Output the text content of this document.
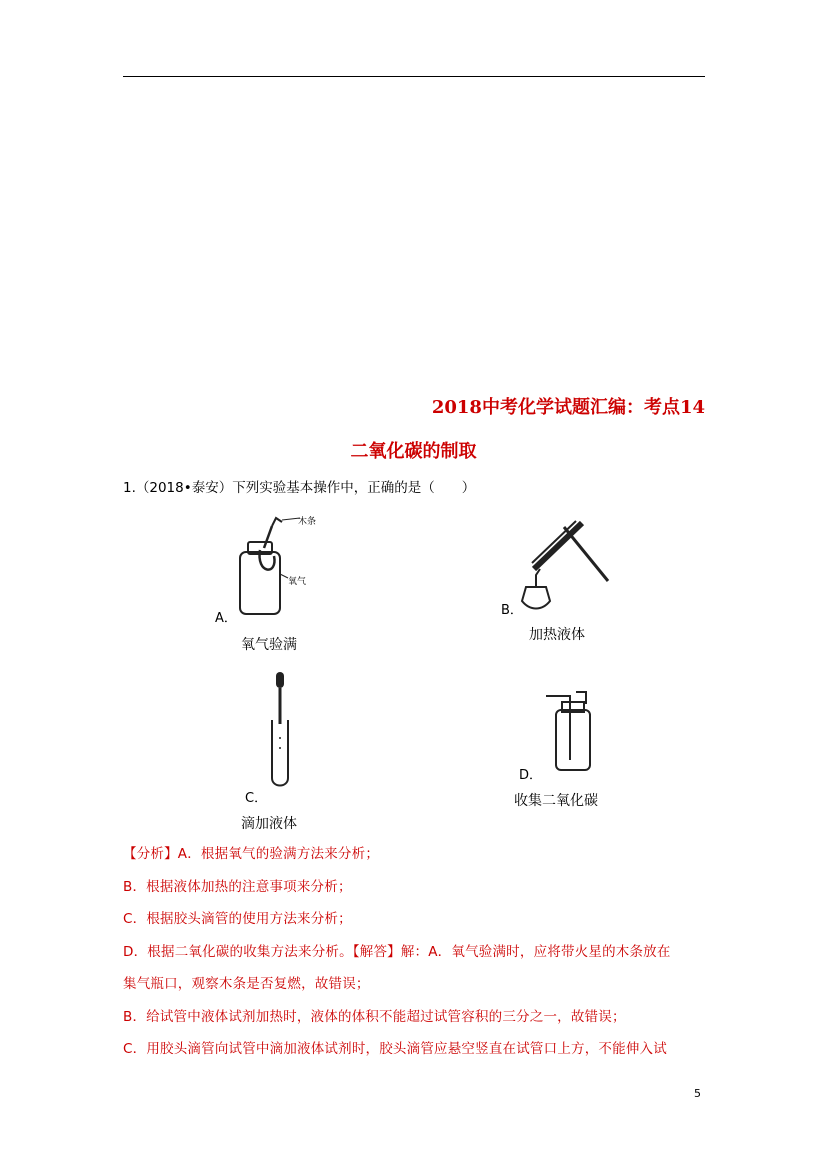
2018中考化学试题汇编：考点14
二氧化碳的制取
1.（2018•泰安）下列实验基本操作中，正确的是（　　）
木条
氧气
A．
氧气验满
B．
加热液体
C．
滴加液体
D．
收集二氧化碳
【分析】A．根据氧气的验满方法来分析；
B．根据液体加热的注意事项来分析；
C．根据胶头滴管的使用方法来分析；
D．根据二氧化碳的收集方法来分析。【解答】解：A．氧气验满时，应将带火星的木条放在
集气瓶口，观察木条是否复燃，故错误；
B．给试管中液体试剂加热时，液体的体积不能超过试管容积的三分之一，故错误；
C．用胶头滴管向试管中滴加液体试剂时，胶头滴管应悬空竖直在试管口上方，不能伸入试
5
